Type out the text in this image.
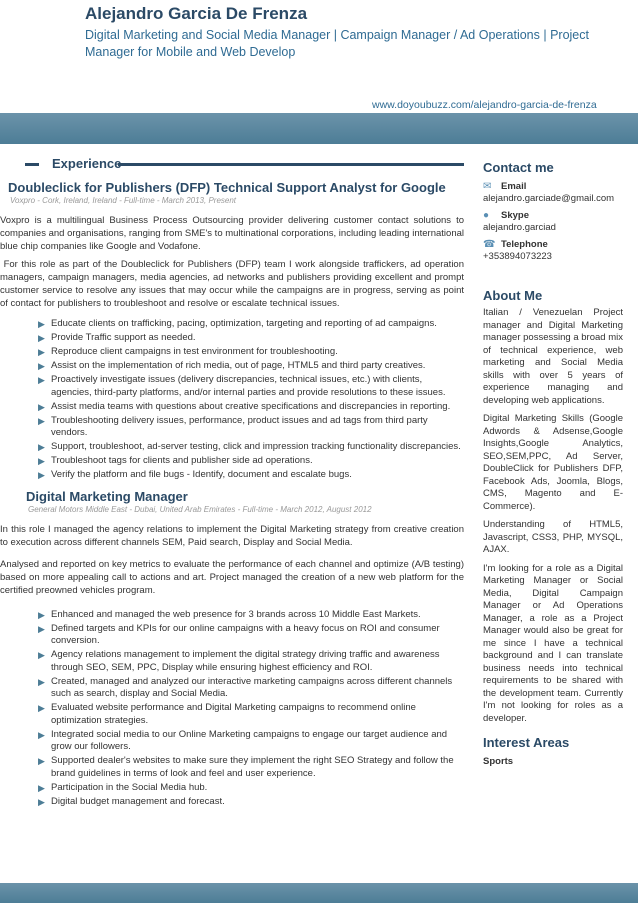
Alejandro Garcia De Frenza
Digital Marketing and Social Media Manager | Campaign Manager / Ad Operations | Project Manager for Mobile and Web Develop
www.doyoubuzz.com/alejandro-garcia-de-frenza
Experience
Doubleclick for Publishers (DFP) Technical Support Analyst for Google
Voxpro - Cork, Ireland, Ireland - Full-time - March 2013, Present

Voxpro is a multilingual Business Process Outsourcing provider delivering customer contact solutions to companies and organisations, ranging from SME's to multinational corporations, including leading international blue chip companies like Google and Vodafone.

For this role as part of the Doubleclick for Publishers (DFP) team I work alongside traffickers, ad operation managers, campaign managers, media agencies, ad networks and publishers providing excellent and prompt customer service to resolve any issues that may occur while the campaigns are in progress, serving as point of contact for publishers to troubleshoot and resolve or escalate technical issues.

▶ Educate clients on trafficking, pacing, optimization, targeting and reporting of ad campaigns.
▶ Provide Traffic support as needed.
▶ Reproduce client campaigns in test environment for troubleshooting.
▶ Assist on the implementation of rich media, out of page, HTML5 and third party creatives.
▶ Proactively investigate issues (delivery discrepancies, technical issues, etc.) with clients, agencies, third-party platforms, and/or internal parties and provide resolutions to these issues.
▶ Assist media teams with questions about creative specifications and discrepancies in reporting.
▶ Troubleshooting delivery issues, performance, product issues and ad tags from third party vendors.
▶ Support, troubleshoot, ad-server testing, click and impression tracking functionality discrepancies.
▶ Troubleshoot tags for clients and publisher side ad operations.
▶ Verify the platform and file bugs - Identify, document and escalate bugs.
Digital Marketing Manager
General Motors Middle East - Dubai, United Arab Emirates - Full-time - March 2012, August 2012

In this role I managed the agency relations to implement the Digital Marketing strategy from creative creation to execution across different channels SEM, Paid search, Display and Social Media.

Analysed and reported on key metrics to evaluate the performance of each channel and optimize (A/B testing) based on more appealing call to actions and art. Project managed the creation of a new web platform for the certified preowned vehicles program.

▶ Enhanced and managed the web presence for 3 brands across 10 Middle East Markets.
▶ Defined targets and KPIs for our online campaigns with a heavy focus on ROI and consumer conversion.
▶ Agency relations management to implement the digital strategy driving traffic and awareness through SEO, SEM, PPC, Display while ensuring highest efficiency and ROI.
▶ Created, managed and analyzed our interactive marketing campaigns across different channels such as search, display and Social Media.
▶ Evaluated website performance and Digital Marketing campaigns to recommend online optimization strategies.
▶ Integrated social media to our Online Marketing campaigns to engage our target audience and grow our followers.
▶ Supported dealer's websites to make sure they implement the right SEO Strategy and follow the brand guidelines in terms of look and feel and user experience.
▶ Participation in the Social Media hub.
▶ Digital budget management and forecast.
Contact me
✉ Email
alejandro.garciade@gmail.com
● Skype
alejandro.garciad
☎ Telephone
+353894073223
About Me

Italian / Venezuelan Project manager and Digital Marketing manager possessing a broad mix of technical experience, web marketing and Social Media skills with over 5 years of experience managing and developing web applications.

Digital Marketing Skills (Google Adwords & Adsense,Google Insights,Google Analytics, SEO,SEM,PPC, Ad Server, DoubleClick for Publishers DFP, Facebook Ads, Joomla, Blogs, CMS, Magento and E-Commerce).

Understanding of HTML5, Javascript, CSS3, PHP, MYSQL, AJAX.

I'm looking for a role as a Digital Marketing Manager or Social Media, Digital Campaign Manager or Ad Operations Manager, a role as a Project Manager would also be great for me since I have a technical background and I can translate business needs into technical requirements to be shared with the development team. Currently I'm not looking for roles as a developer.

Interest Areas
Sports
